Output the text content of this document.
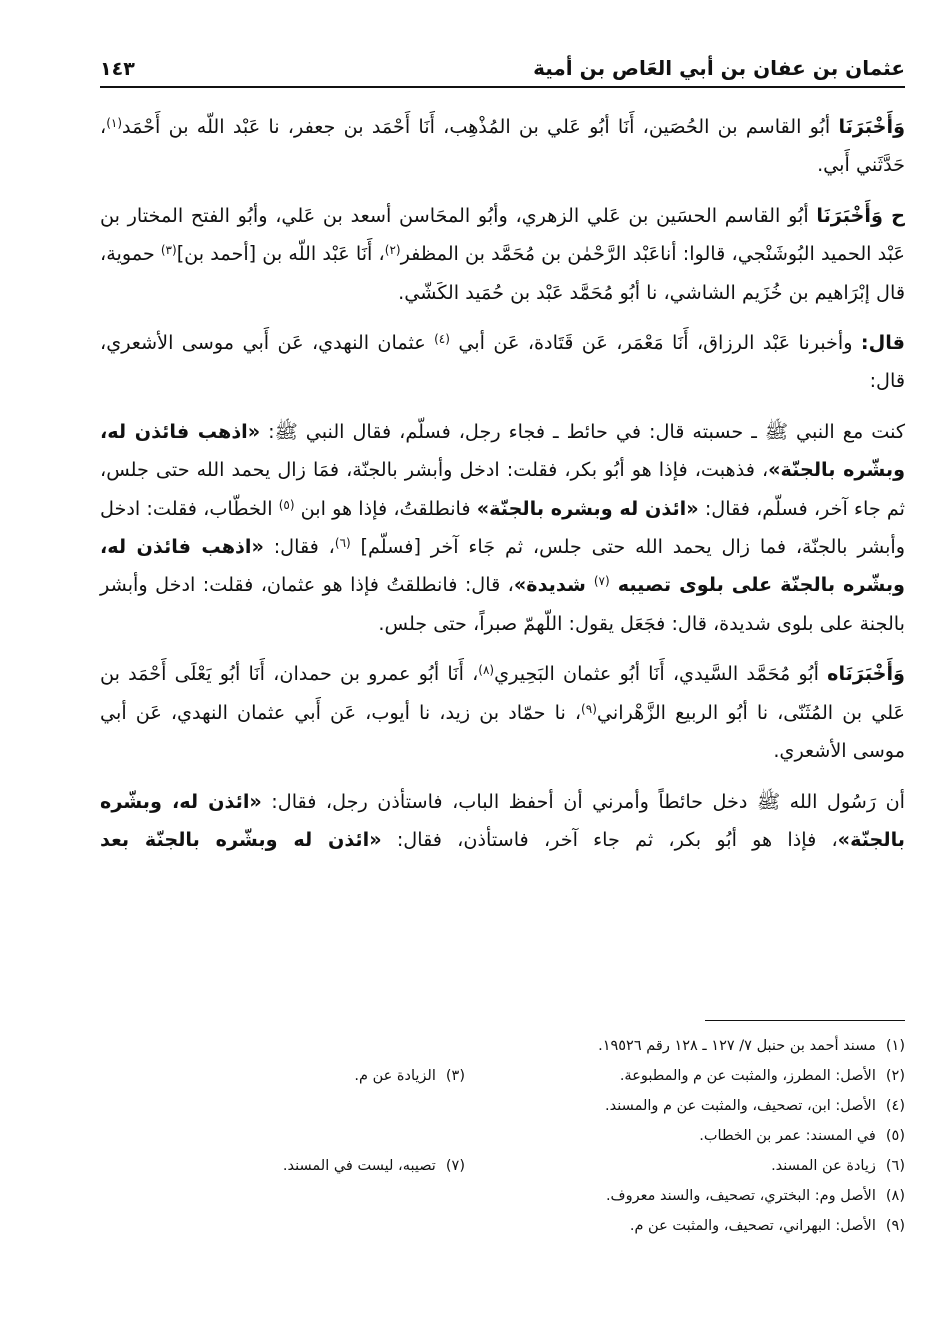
عثمان بن عفان بن أبي العَاص بن أمية
١٤٣

وَأَخْبَرَنَا أبُو القاسم بن الحُصَين، أَنَا أبُو عَلي بن المُذْهِب، أَنَا أَحْمَد بن جعفر، نا عَبْد اللّه بن أَحْمَد$^{(١)}$، حَدَّثَني أَبي.

ح وَأَخْبَرَنَا أبُو القاسم الحسَين بن عَلي الزهري، وأبُو المحَاسن أسعد بن عَلي، وأبُو الفتح المختار بن عَبْد الحميد البُوشَنْجي، قالوا: أناعَبْد الرَّحْمٰن بن مُحَمَّد بن المظفر$^{(٢)}$، أَنَا عَبْد اللّه بن [أحمد بن]$^{(٣)}$ حموية، قال إبْرَاهيم بن خُزَيم الشاشي، نا أبُو مُحَمَّد عَبْد بن حُمَيد الكَشّي.

قال: وأخبرنا عَبْد الرزاق، أَنَا مَعْمَر، عَن قَتَادة، عَن أبي $^{(٤)}$ عثمان النهدي، عَن أَبي موسى الأشعري، قال:

كنت مع النبي ﷺ ـ حسبته قال: في حائط ـ فجاء رجل، فسلّم، فقال النبي ﷺ: «اذهب فائذن له، وبشّره بالجنّة»، فذهبت، فإذا هو أبُو بكر، فقلت: ادخل وأبشر بالجنّة، فمَا زال يحمد الله حتى جلس، ثم جاء آخر، فسلّم، فقال: «ائذن له وبشره بالجنّة» فانطلقتُ، فإذا هو ابن $^{(٥)}$ الخطّاب، فقلت: ادخل وأبشر بالجنّة، فما زال يحمد الله حتى جلس، ثم جَاء آخر [فسلّم] $^{(٦)}$، فقال: «اذهب فائذن له، وبشّره بالجنّة على بلوى تصيبه $^{(٧)}$ شديدة»، قال: فانطلقتُ فإذا هو عثمان، فقلت: ادخل وأبشر بالجنة على بلوى شديدة، قال: فجَعَل يقول: اللّهمّ صبراً، حتى جلس.

وَأَخْبَرَنَاه أبُو مُحَمَّد السَّيدي، أَنَا أبُو عثمان البَحِيري$^{(٨)}$، أَنَا أبُو عمرو بن حمدان، أَنَا أبُو يَعْلَى أَحْمَد بن عَلي بن المُثَنّى، نا أبُو الربيع الزَّهْراني$^{(٩)}$، نا حمّاد بن زيد، نا أيوب، عَن أَبي عثمان النهدي، عَن أبي موسى الأشعري.

أن رَسُول الله ﷺ دخل حائطاً وأمرني أن أحفظ الباب، فاستأذن رجل، فقال: «ائذن له، وبشّره بالجنّة»، فإذا هو أبُو بكر، ثم جاء آخر، فاستأذن، فقال: «ائذن له وبشّره بالجنّة بعد

(١)
مسند أحمد بن حنبل ٧/ ١٢٧ ـ ١٢٨ رقم ١٩٥٢٦.
(٢)
الأصل: المطرز، والمثبت عن م والمطبوعة.
(٣)
الزيادة عن م.
(٤)
الأصل: ابن، تصحيف، والمثبت عن م والمسند.
(٥)
في المسند: عمر بن الخطاب.
(٦)
زيادة عن المسند.
(٧)
تصيبه، ليست في المسند.
(٨)
الأصل وم: البختري، تصحيف، والسند معروف.
(٩)
الأصل: البهراني، تصحيف، والمثبت عن م.
